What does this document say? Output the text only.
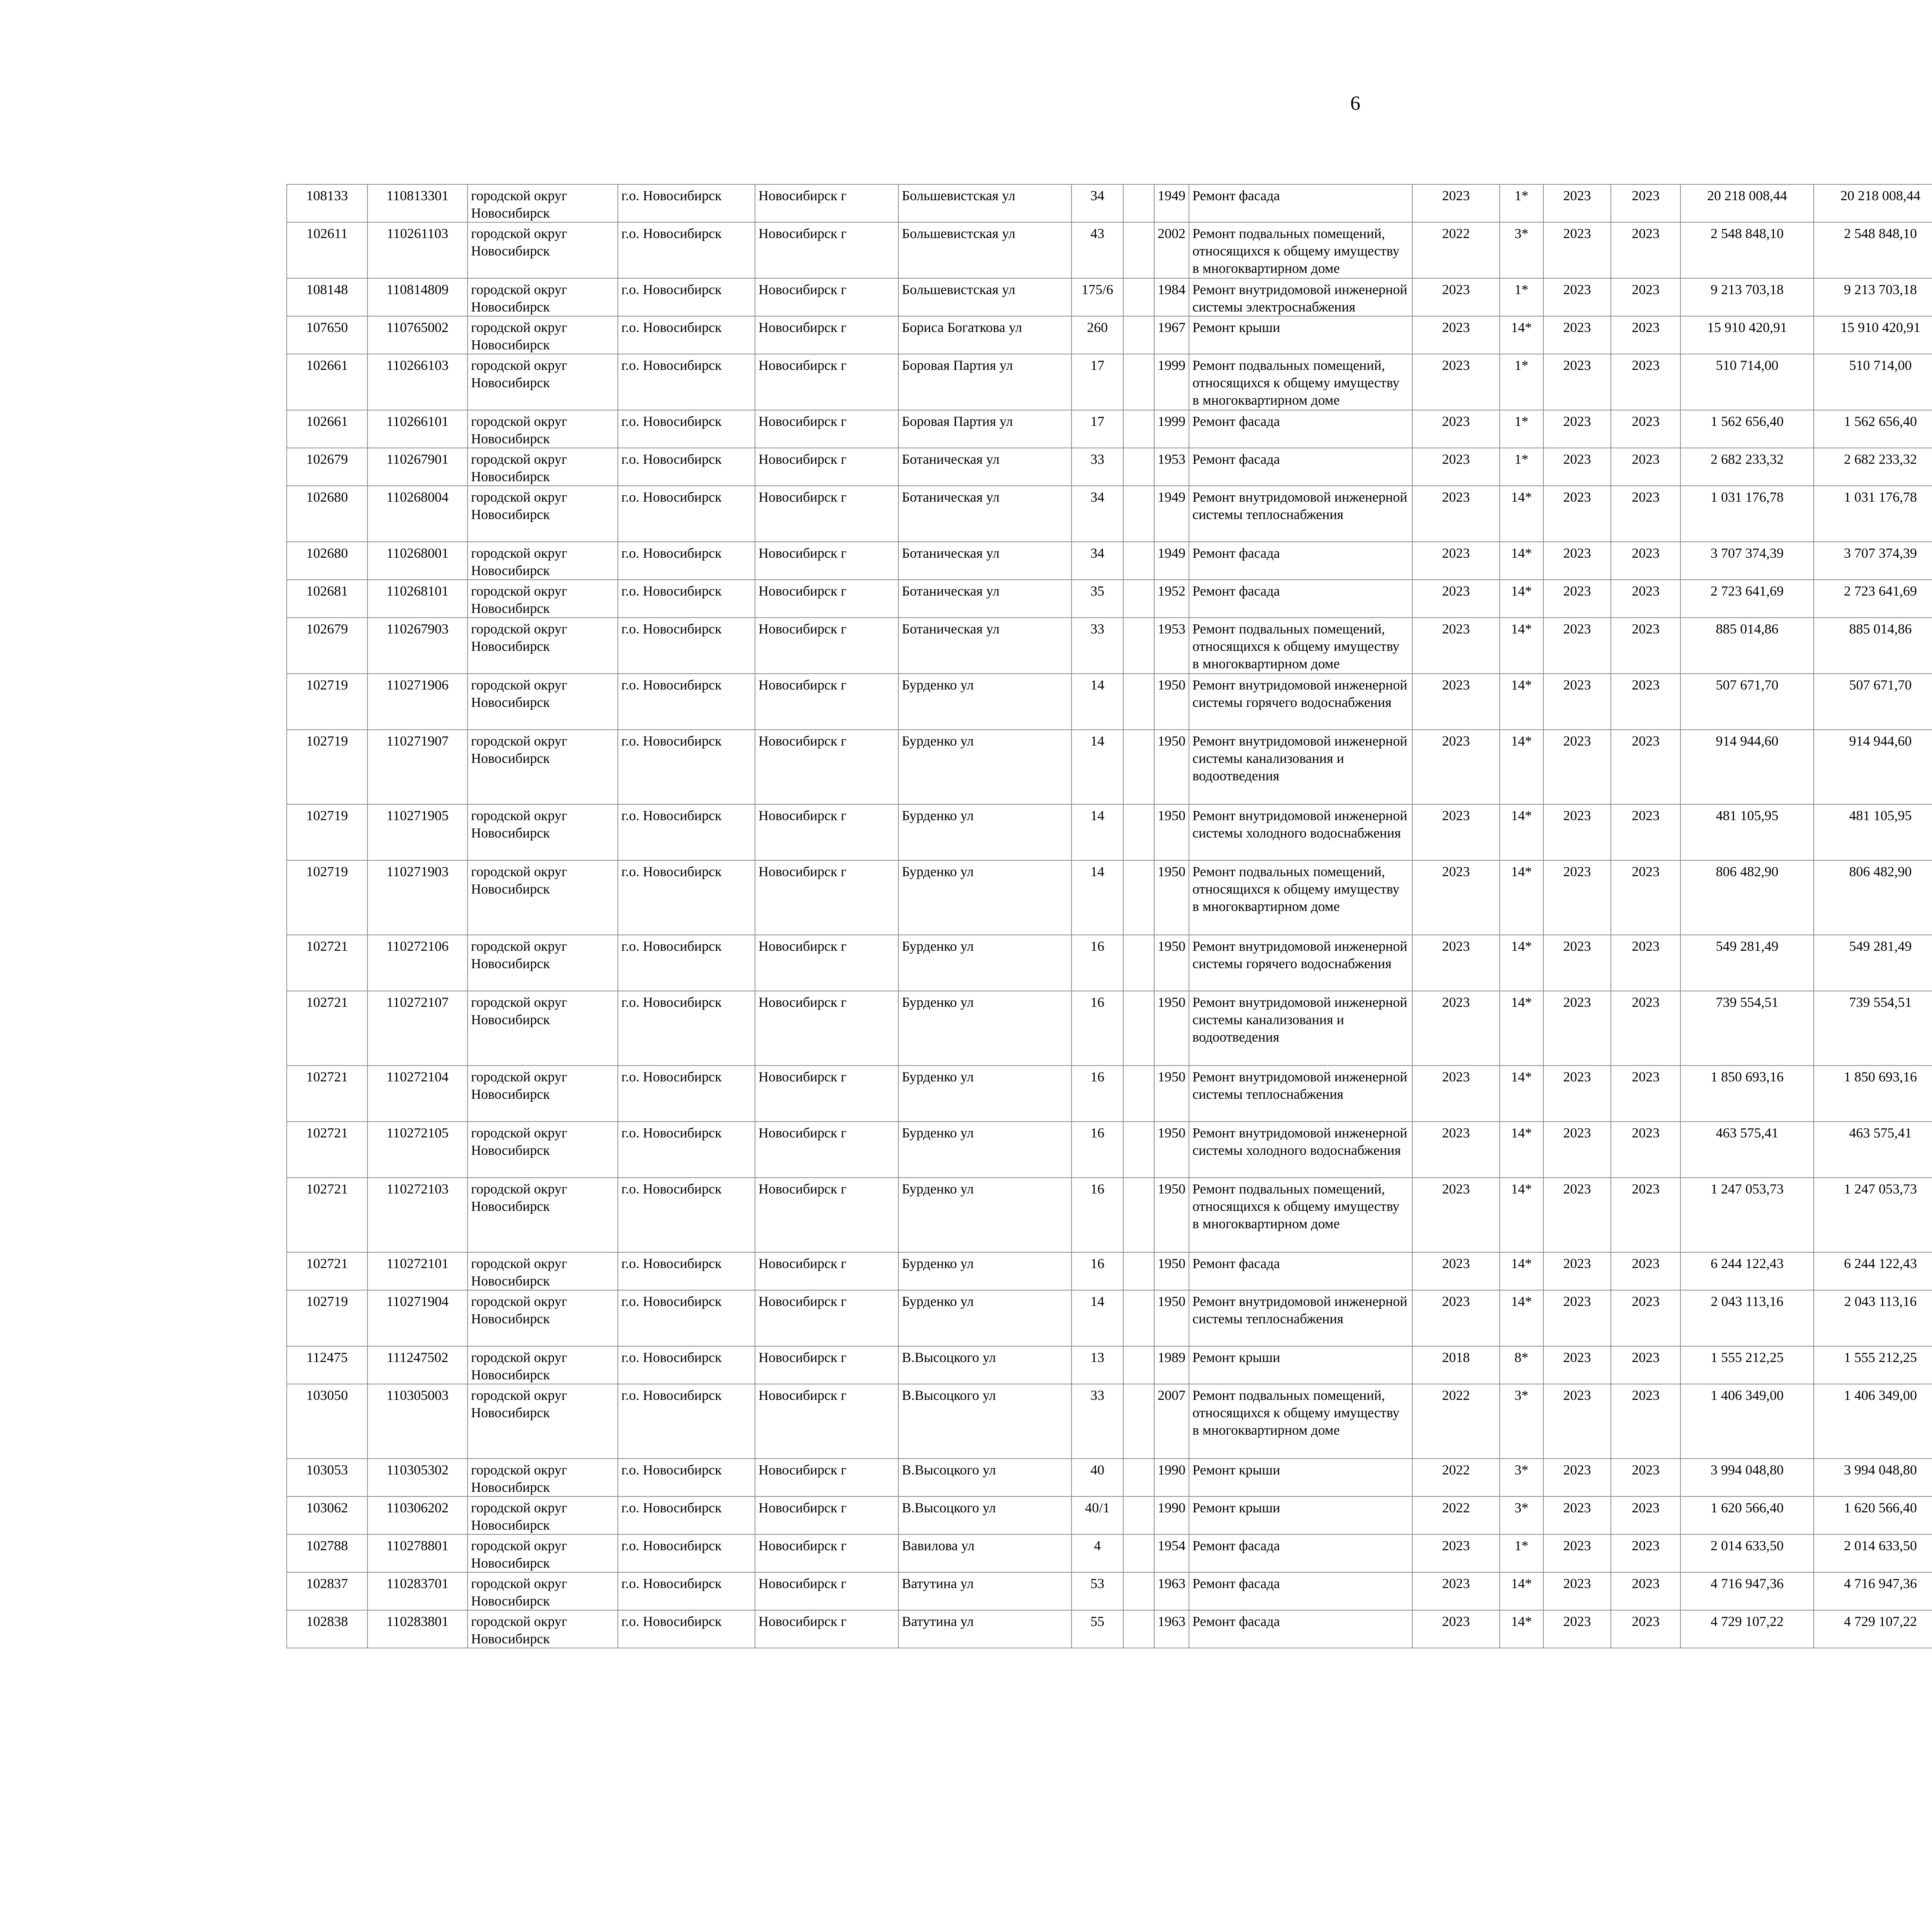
6
108133	110813301	городской округ Новосибирск	г.о. Новосибирск	Новосибирск г	Большевистская ул	34		1949	Ремонт фасада	2023	1*	2023	2023	20 218 008,44	20 218 008,44						
102611	110261103	городской округ Новосибирск	г.о. Новосибирск	Новосибирск г	Большевистская ул	43		2002	Ремонт подвальных помещений, относящихся к общему имуществу в многоквартирном доме	2022	3*	2023	2023	2 548 848,10	2 548 848,10						
108148	110814809	городской округ Новосибирск	г.о. Новосибирск	Новосибирск г	Большевистская ул	175/6		1984	Ремонт внутридомовой инженерной системы электроснабжения	2023	1*	2023	2023	9 213 703,18	9 213 703,18						
107650	110765002	городской округ Новосибирск	г.о. Новосибирск	Новосибирск г	Бориса Богаткова ул	260		1967	Ремонт крыши	2023	14*	2023	2023	15 910 420,91	15 910 420,91						
102661	110266103	городской округ Новосибирск	г.о. Новосибирск	Новосибирск г	Боровая Партия ул	17		1999	Ремонт подвальных помещений, относящихся к общему имуществу в многоквартирном доме	2023	1*	2023	2023	510 714,00	510 714,00						
102661	110266101	городской округ Новосибирск	г.о. Новосибирск	Новосибирск г	Боровая Партия ул	17		1999	Ремонт фасада	2023	1*	2023	2023	1 562 656,40	1 562 656,40						
102679	110267901	городской округ Новосибирск	г.о. Новосибирск	Новосибирск г	Ботаническая ул	33		1953	Ремонт фасада	2023	1*	2023	2023	2 682 233,32	2 682 233,32						
102680	110268004	городской округ Новосибирск	г.о. Новосибирск	Новосибирск г	Ботаническая ул	34		1949	Ремонт внутридомовой инженерной системы теплоснабжения	2023	14*	2023	2023	1 031 176,78	1 031 176,78						
102680	110268001	городской округ Новосибирск	г.о. Новосибирск	Новосибирск г	Ботаническая ул	34		1949	Ремонт фасада	2023	14*	2023	2023	3 707 374,39	3 707 374,39						
102681	110268101	городской округ Новосибирск	г.о. Новосибирск	Новосибирск г	Ботаническая ул	35		1952	Ремонт фасада	2023	14*	2023	2023	2 723 641,69	2 723 641,69						
102679	110267903	городской округ Новосибирск	г.о. Новосибирск	Новосибирск г	Ботаническая ул	33		1953	Ремонт подвальных помещений, относящихся к общему имуществу в многоквартирном доме	2023	14*	2023	2023	885 014,86	885 014,86						
102719	110271906	городской округ Новосибирск	г.о. Новосибирск	Новосибирск г	Бурденко ул	14		1950	Ремонт внутридомовой инженерной системы горячего водоснабжения	2023	14*	2023	2023	507 671,70	507 671,70						
102719	110271907	городской округ Новосибирск	г.о. Новосибирск	Новосибирск г	Бурденко ул	14		1950	Ремонт внутридомовой инженерной системы канализования и водоотведения	2023	14*	2023	2023	914 944,60	914 944,60						
102719	110271905	городской округ Новосибирск	г.о. Новосибирск	Новосибирск г	Бурденко ул	14		1950	Ремонт внутридомовой инженерной системы холодного водоснабжения	2023	14*	2023	2023	481 105,95	481 105,95						
102719	110271903	городской округ Новосибирск	г.о. Новосибирск	Новосибирск г	Бурденко ул	14		1950	Ремонт подвальных помещений, относящихся к общему имуществу в многоквартирном доме	2023	14*	2023	2023	806 482,90	806 482,90						
102721	110272106	городской округ Новосибирск	г.о. Новосибирск	Новосибирск г	Бурденко ул	16		1950	Ремонт внутридомовой инженерной системы горячего водоснабжения	2023	14*	2023	2023	549 281,49	549 281,49						
102721	110272107	городской округ Новосибирск	г.о. Новосибирск	Новосибирск г	Бурденко ул	16		1950	Ремонт внутридомовой инженерной системы канализования и водоотведения	2023	14*	2023	2023	739 554,51	739 554,51						
102721	110272104	городской округ Новосибирск	г.о. Новосибирск	Новосибирск г	Бурденко ул	16		1950	Ремонт внутридомовой инженерной системы теплоснабжения	2023	14*	2023	2023	1 850 693,16	1 850 693,16						
102721	110272105	городской округ Новосибирск	г.о. Новосибирск	Новосибирск г	Бурденко ул	16		1950	Ремонт внутридомовой инженерной системы холодного водоснабжения	2023	14*	2023	2023	463 575,41	463 575,41						
102721	110272103	городской округ Новосибирск	г.о. Новосибирск	Новосибирск г	Бурденко ул	16		1950	Ремонт подвальных помещений, относящихся к общему имуществу в многоквартирном доме	2023	14*	2023	2023	1 247 053,73	1 247 053,73						
102721	110272101	городской округ Новосибирск	г.о. Новосибирск	Новосибирск г	Бурденко ул	16		1950	Ремонт фасада	2023	14*	2023	2023	6 244 122,43	6 244 122,43						
102719	110271904	городской округ Новосибирск	г.о. Новосибирск	Новосибирск г	Бурденко ул	14		1950	Ремонт внутридомовой инженерной системы теплоснабжения	2023	14*	2023	2023	2 043 113,16	2 043 113,16						
112475	111247502	городской округ Новосибирск	г.о. Новосибирск	Новосибирск г	В.Высоцкого ул	13		1989	Ремонт крыши	2018	8*	2023	2023	1 555 212,25	1 555 212,25						
103050	110305003	городской округ Новосибирск	г.о. Новосибирск	Новосибирск г	В.Высоцкого ул	33		2007	Ремонт подвальных помещений, относящихся к общему имуществу в многоквартирном доме	2022	3*	2023	2023	1 406 349,00	1 406 349,00						
103053	110305302	городской округ Новосибирск	г.о. Новосибирск	Новосибирск г	В.Высоцкого ул	40		1990	Ремонт крыши	2022	3*	2023	2023	3 994 048,80	3 994 048,80						
103062	110306202	городской округ Новосибирск	г.о. Новосибирск	Новосибирск г	В.Высоцкого ул	40/1		1990	Ремонт крыши	2022	3*	2023	2023	1 620 566,40	1 620 566,40						
102788	110278801	городской округ Новосибирск	г.о. Новосибирск	Новосибирск г	Вавилова ул	4		1954	Ремонт фасада	2023	1*	2023	2023	2 014 633,50	2 014 633,50						
102837	110283701	городской округ Новосибирск	г.о. Новосибирск	Новосибирск г	Ватутина ул	53		1963	Ремонт фасада	2023	14*	2023	2023	4 716 947,36	4 716 947,36						
102838	110283801	городской округ Новосибирск	г.о. Новосибирск	Новосибирск г	Ватутина ул	55		1963	Ремонт фасада	2023	14*	2023	2023	4 729 107,22	4 729 107,22						
